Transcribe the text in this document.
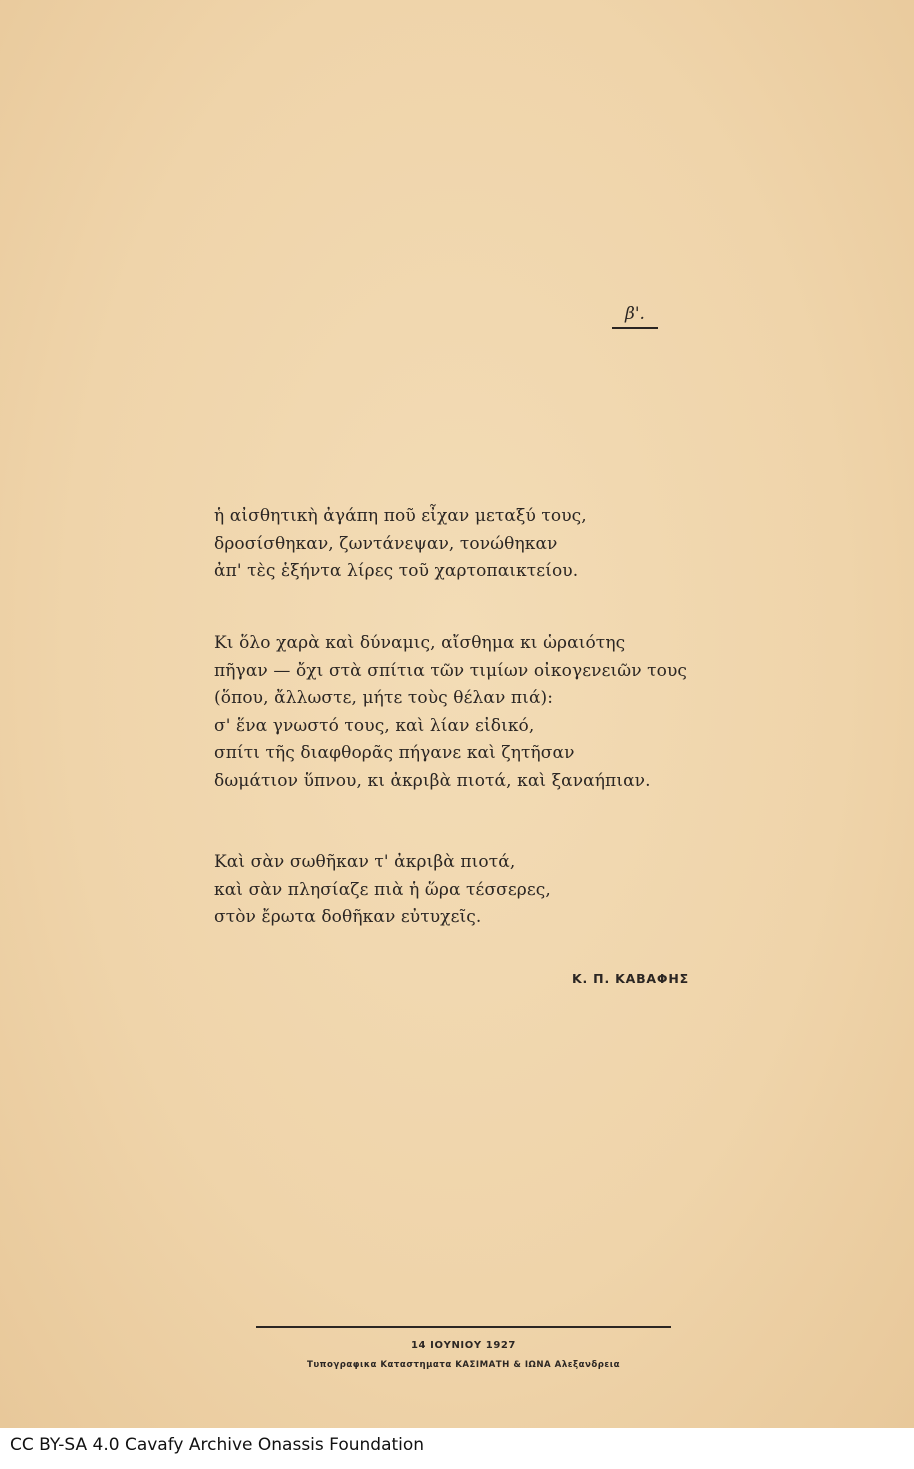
β'.
ἡ αἰσθητικὴ ἀγάπη ποῦ εἶχαν μεταξύ τους,
δροσίσθηκαν, ζωντάνεψαν, τονώθηκαν
ἀπ' τὲς ἑξήντα λίρες τοῦ χαρτοπαικτείου.
Κι ὅλο χαρὰ καὶ δύναμις, αἴσθημα κι ὡραιότης
πῆγαν — ὄχι στὰ σπίτια τῶν τιμίων οἰκογενειῶν τους
(ὅπου, ἄλλωστε, μήτε τοὺς θέλαν πιά):
σ' ἕνα γνωστό τους, καὶ λίαν εἰδικό,
σπίτι τῆς διαφθορᾶς πήγανε καὶ ζητῆσαν
δωμάτιον ὕπνου, κι ἀκριβὰ πιοτά, καὶ ξαναήπιαν.
Καὶ σὰν σωθῆκαν τ' ἀκριβὰ πιοτά,
καὶ σὰν πλησίαζε πιὰ ἡ ὥρα τέσσερες,
στὸν ἔρωτα δοθῆκαν εὐτυχεῖς.
Κ. Π. ΚΑΒΑΦΗΣ
14 ΙΟΥΝΙΟΥ 1927
Τυπογραφικα Καταστηματα ΚΑΣΙΜΑΤΗ & ΙΩΝΑ Αλεξανδρεια
CC BY-SA 4.0 Cavafy Archive Onassis Foundation
